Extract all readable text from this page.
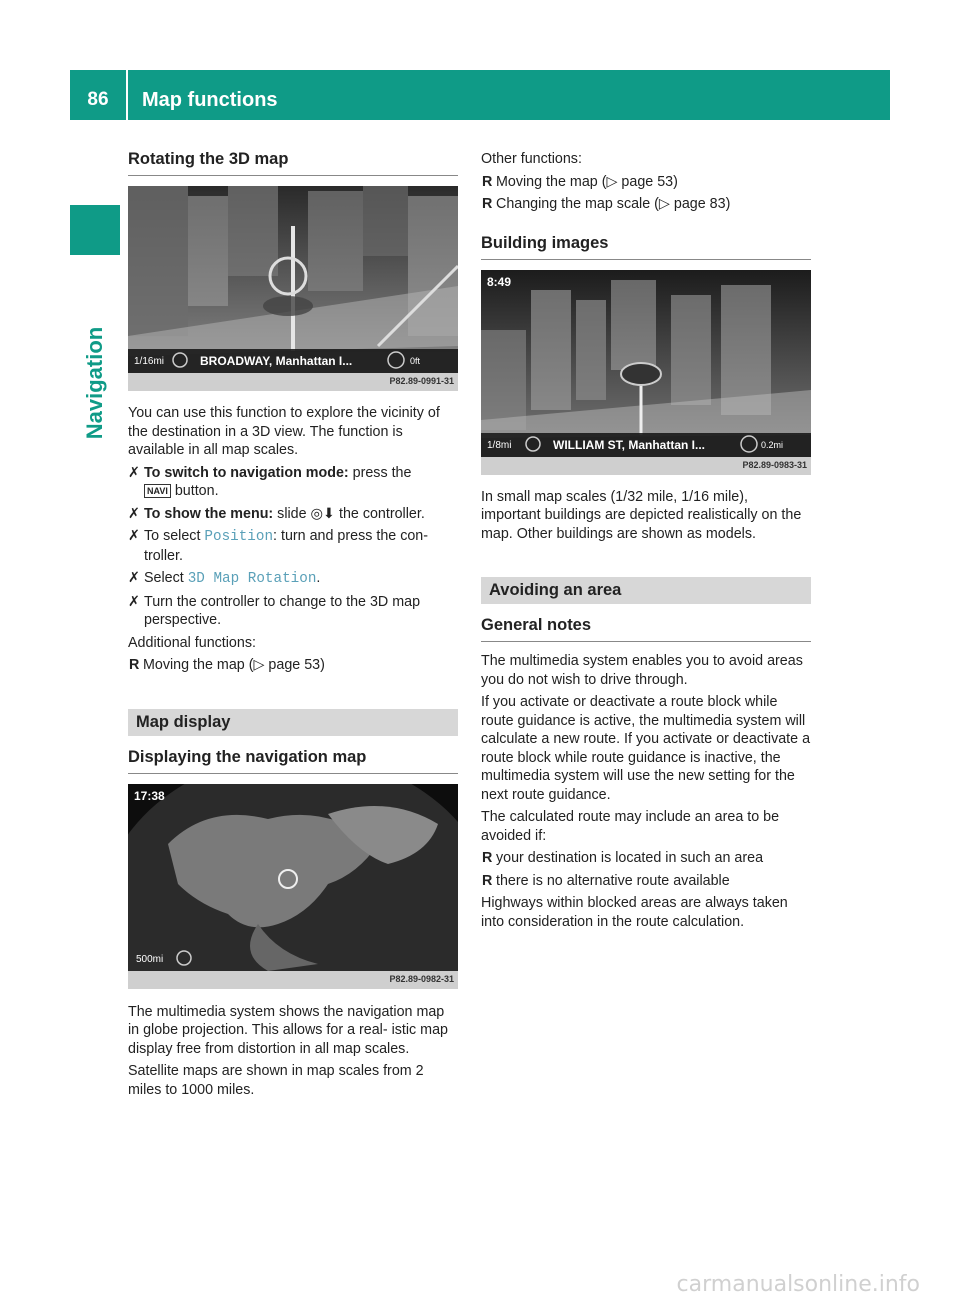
86	Map functions
Navigation
Rotating the 3D map
1/16mi	BROADWAY, Manhattan I...	0ft
P82.89-0991-31

You can use this function to explore the vicinity of the destination in a 3D view. The function is available in all map scales.

✗ To switch to navigation mode: press the
NAVI button.
✗ To show the menu: slide ◎⬇ the controller.
✗ To select Position: turn and press the con- troller.
✗ Select 3D Map Rotation.
✗ Turn the controller to change to the 3D map perspective.

Additional functions:

R Moving the map (▷ page 53)
Map display
Displaying the navigation map
17:38
500mi
P82.89-0982-31

The multimedia system shows the navigation map in globe projection. This allows for a real- istic map display free from distortion in all map scales.

Satellite maps are shown in map scales from 2 miles to 1000 miles.

Other functions:

R Moving the map (▷ page 53)
R Changing the map scale (▷ page 83)
Building images
8:49
1/8mi	WILLIAM ST, Manhattan I...	0.2mi
P82.89-0983-31

In small map scales (1/32 mile, 1/16 mile), important buildings are depicted realistically on the map. Other buildings are shown as models.

Avoiding an area
General notes

The multimedia system enables you to avoid areas you do not wish to drive through.

If you activate or deactivate a route block while route guidance is active, the multimedia system will calculate a new route. If you activate or deactivate a route block while route guidance is inactive, the multimedia system will use the new setting for the next route guidance.

The calculated route may include an area to be avoided if:

R your destination is located in such an area
R there is no alternative route available

Highways within blocked areas are always taken into consideration in the route calculation.

carmanualsonline.info
